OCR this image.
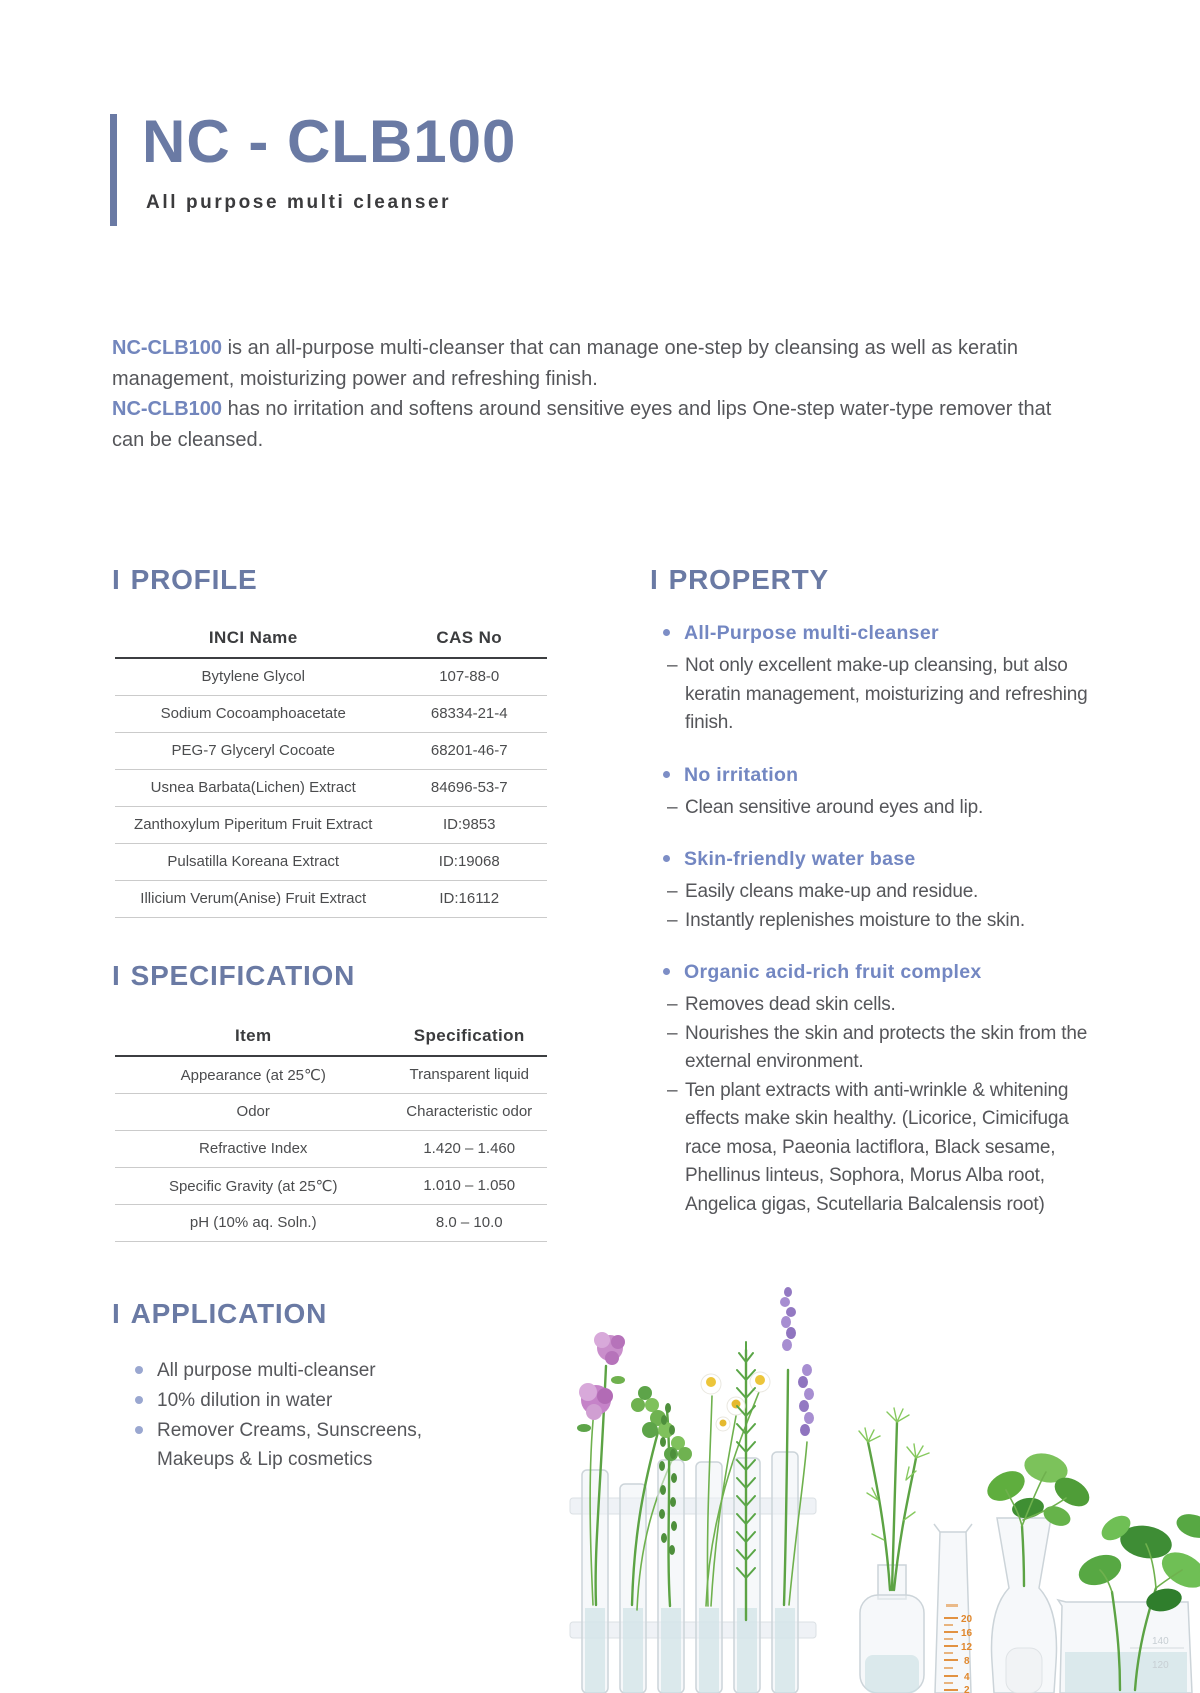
NC - CLB100
All purpose multi cleanser

NC-CLB100 is an all-purpose multi-cleanser that can manage one-step by cleansing as well as keratin management, moisturizing power and refreshing finish.

NC-CLB100 has no irritation and softens around sensitive eyes and lips One-step water-type remover that can be cleansed.

I PROFILE
INCI Name	CAS No
Bytylene Glycol	107-88-0
Sodium Cocoamphoacetate	68334-21-4
PEG-7 Glyceryl Cocoate	68201-46-7
Usnea Barbata(Lichen) Extract	84696-53-7
Zanthoxylum Piperitum Fruit Extract	ID:9853
Pulsatilla Koreana Extract	ID:19068
Illicium Verum(Anise) Fruit Extract	ID:16112
I SPECIFICATION
Item	Specification
Appearance (at 25℃)	Transparent liquid
Odor	Characteristic odor
Refractive Index	1.420 – 1.460
Specific Gravity (at 25℃)	1.010 – 1.050
pH (10% aq. Soln.)	8.0 – 10.0
I APPLICATION
All purpose multi-cleanser
10% dilution in water
Remover Creams, Sunscreens, Makeups & Lip cosmetics
I PROPERTY
All-Purpose multi-cleanser
– Not only excellent make-up cleansing, but also keratin management, moisturizing and refreshing finish.
No irritation
– Clean sensitive around eyes and lip.
Skin-friendly water base
– Easily cleans make-up and residue.
– Instantly replenishes moisture to the skin.
Organic acid-rich fruit complex
– Removes dead skin cells.
– Nourishes the skin and protects the skin from the external environment.
– Ten plant extracts with anti-wrinkle & whitening effects make skin healthy. (Licorice, Cimicifuga race mosa, Paeonia lactiflora, Black sesame, Phellinus linteus, Sophora, Morus Alba root, Angelica gigas, Scutellaria Balcalensis root)
20
16
12
8
4
2
140
120
